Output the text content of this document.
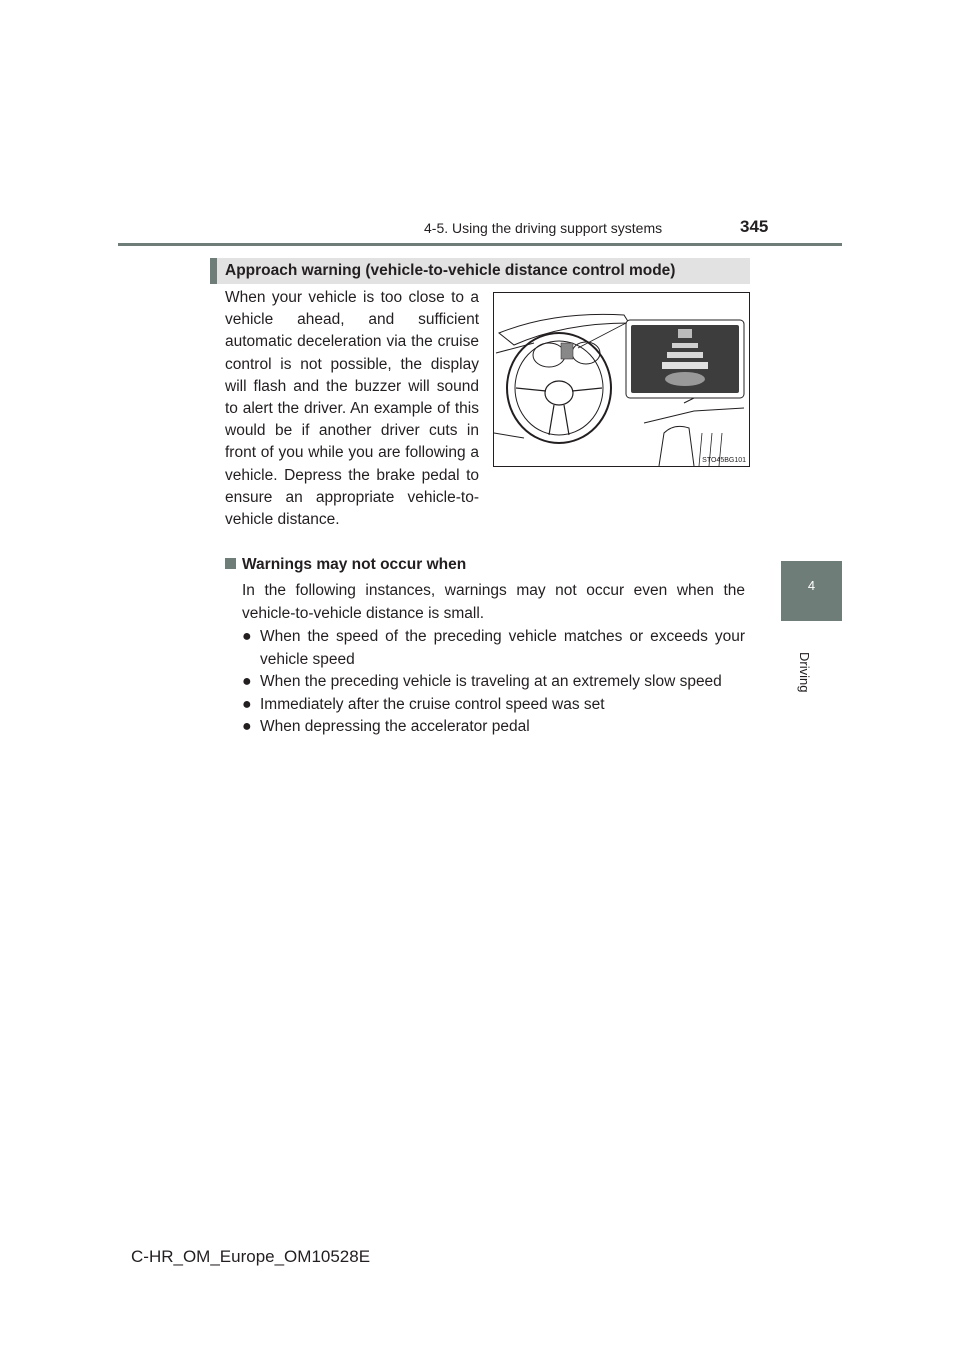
4-5. Using the driving support systems	345
4
Driving
Approach warning (vehicle-to-vehicle distance control mode)
When your vehicle is too close to a vehicle ahead, and sufficient automatic deceleration via the cruise control is not possible, the display will flash and the buzzer will sound to alert the driver. An example of this would be if another driver cuts in front of you while you are following a vehicle. Depress the brake pedal to ensure an appropriate vehicle-to-vehicle distance.
STO45BG101
Warnings may not occur when
In the following instances, warnings may not occur even when the vehicle-to-vehicle distance is small.
● When the speed of the preceding vehicle matches or exceeds your vehicle speed
● When the preceding vehicle is traveling at an extremely slow speed
● Immediately after the cruise control speed was set
● When depressing the accelerator pedal
C-HR_OM_Europe_OM10528E
